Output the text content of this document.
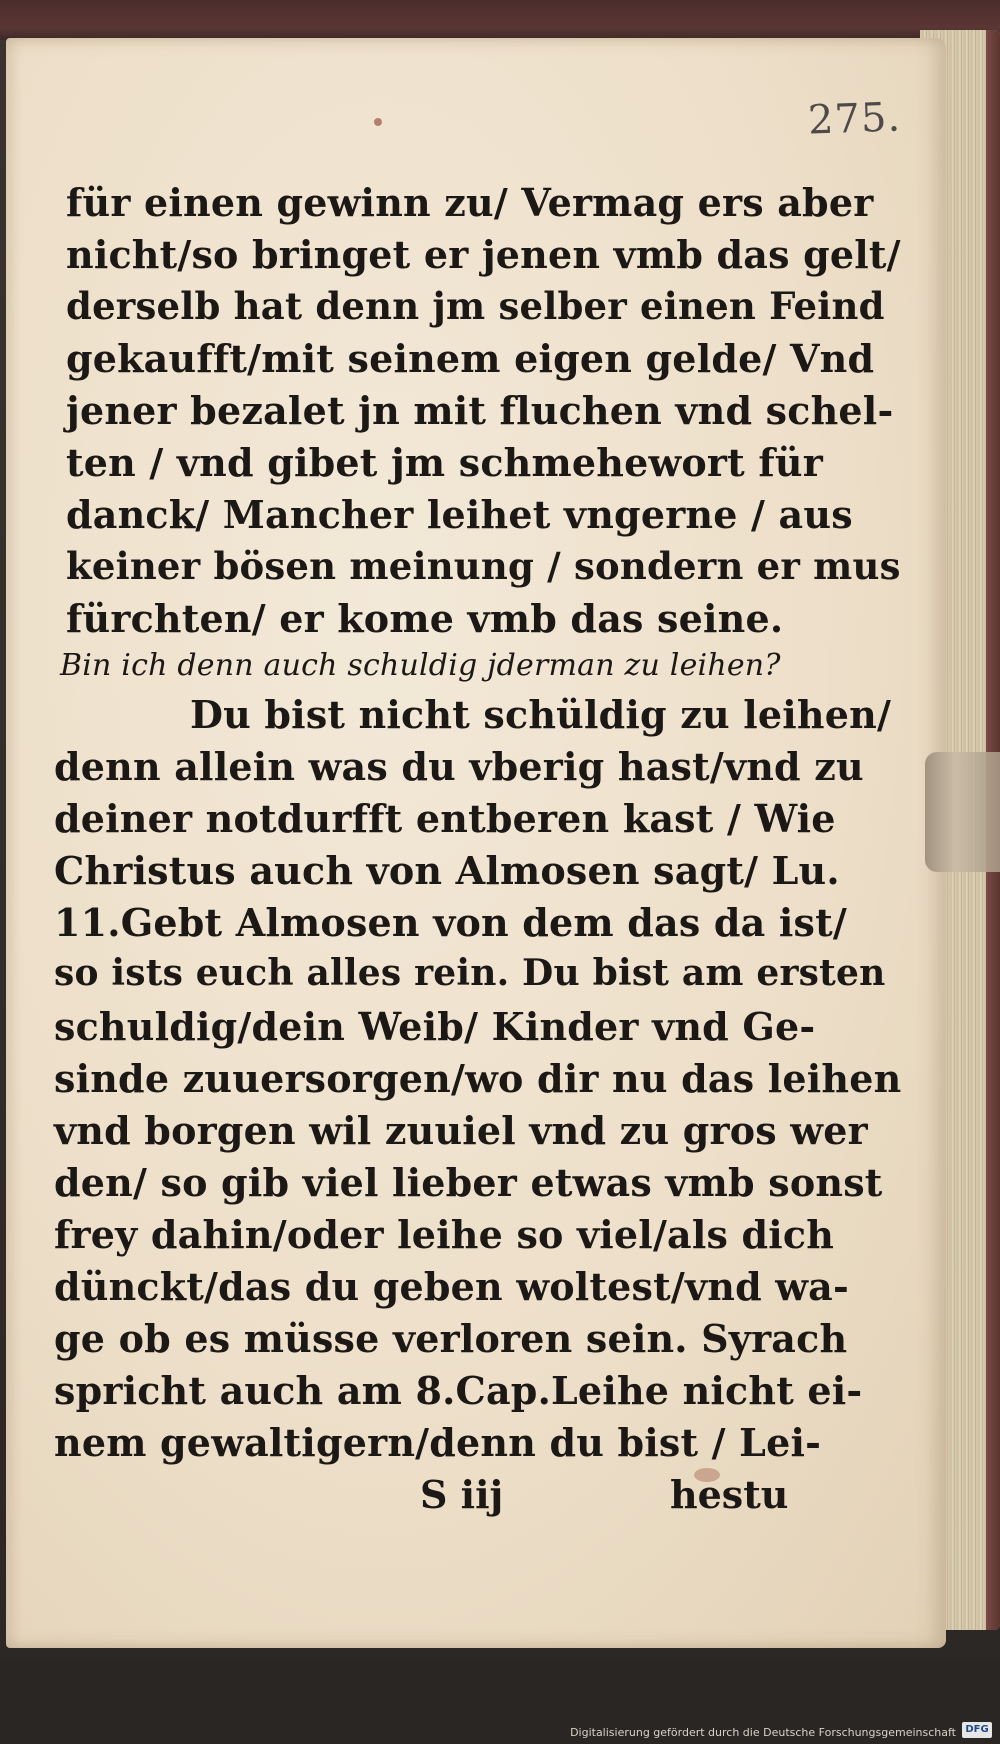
275.
für einen gewinn zu/ Vermag ers aber
nicht/so bringet er jenen vmb das gelt/
derselb hat denn jm selber einen Feind
gekaufft/mit seinem eigen gelde/ Vnd
jener bezalet jn mit fluchen vnd schel-
ten / vnd gibet jm schmehewort für
danck/ Mancher leihet vngerne / aus
keiner bösen meinung / sondern er mus
fürchten/ er kome vmb das seine.
Bin ich denn auch schuldig jderman zu leihen?
Du bist nicht schüldig zu leihen/
denn allein was du vberig hast/vnd zu
deiner notdurfft entberen kast / Wie
Christus auch von Almosen sagt/ Lu.
11.Gebt Almosen von dem das da ist/
so ists euch alles rein. Du bist am ersten
schuldig/dein Weib/ Kinder vnd Ge-
sinde zuuersorgen/wo dir nu das leihen
vnd borgen wil zuuiel vnd zu gros wer
den/ so gib viel lieber etwas vmb sonst
frey dahin/oder leihe so viel/als dich
dünckt/das du geben woltest/vnd wa-
ge ob es müsse verloren sein. Syrach
spricht auch am 8.Cap.Leihe nicht ei-
nem gewaltigern/denn du bist / Lei-
S iij	hestu
Digitalisierung gefördert durch die Deutsche Forschungsgemeinschaft DFG
